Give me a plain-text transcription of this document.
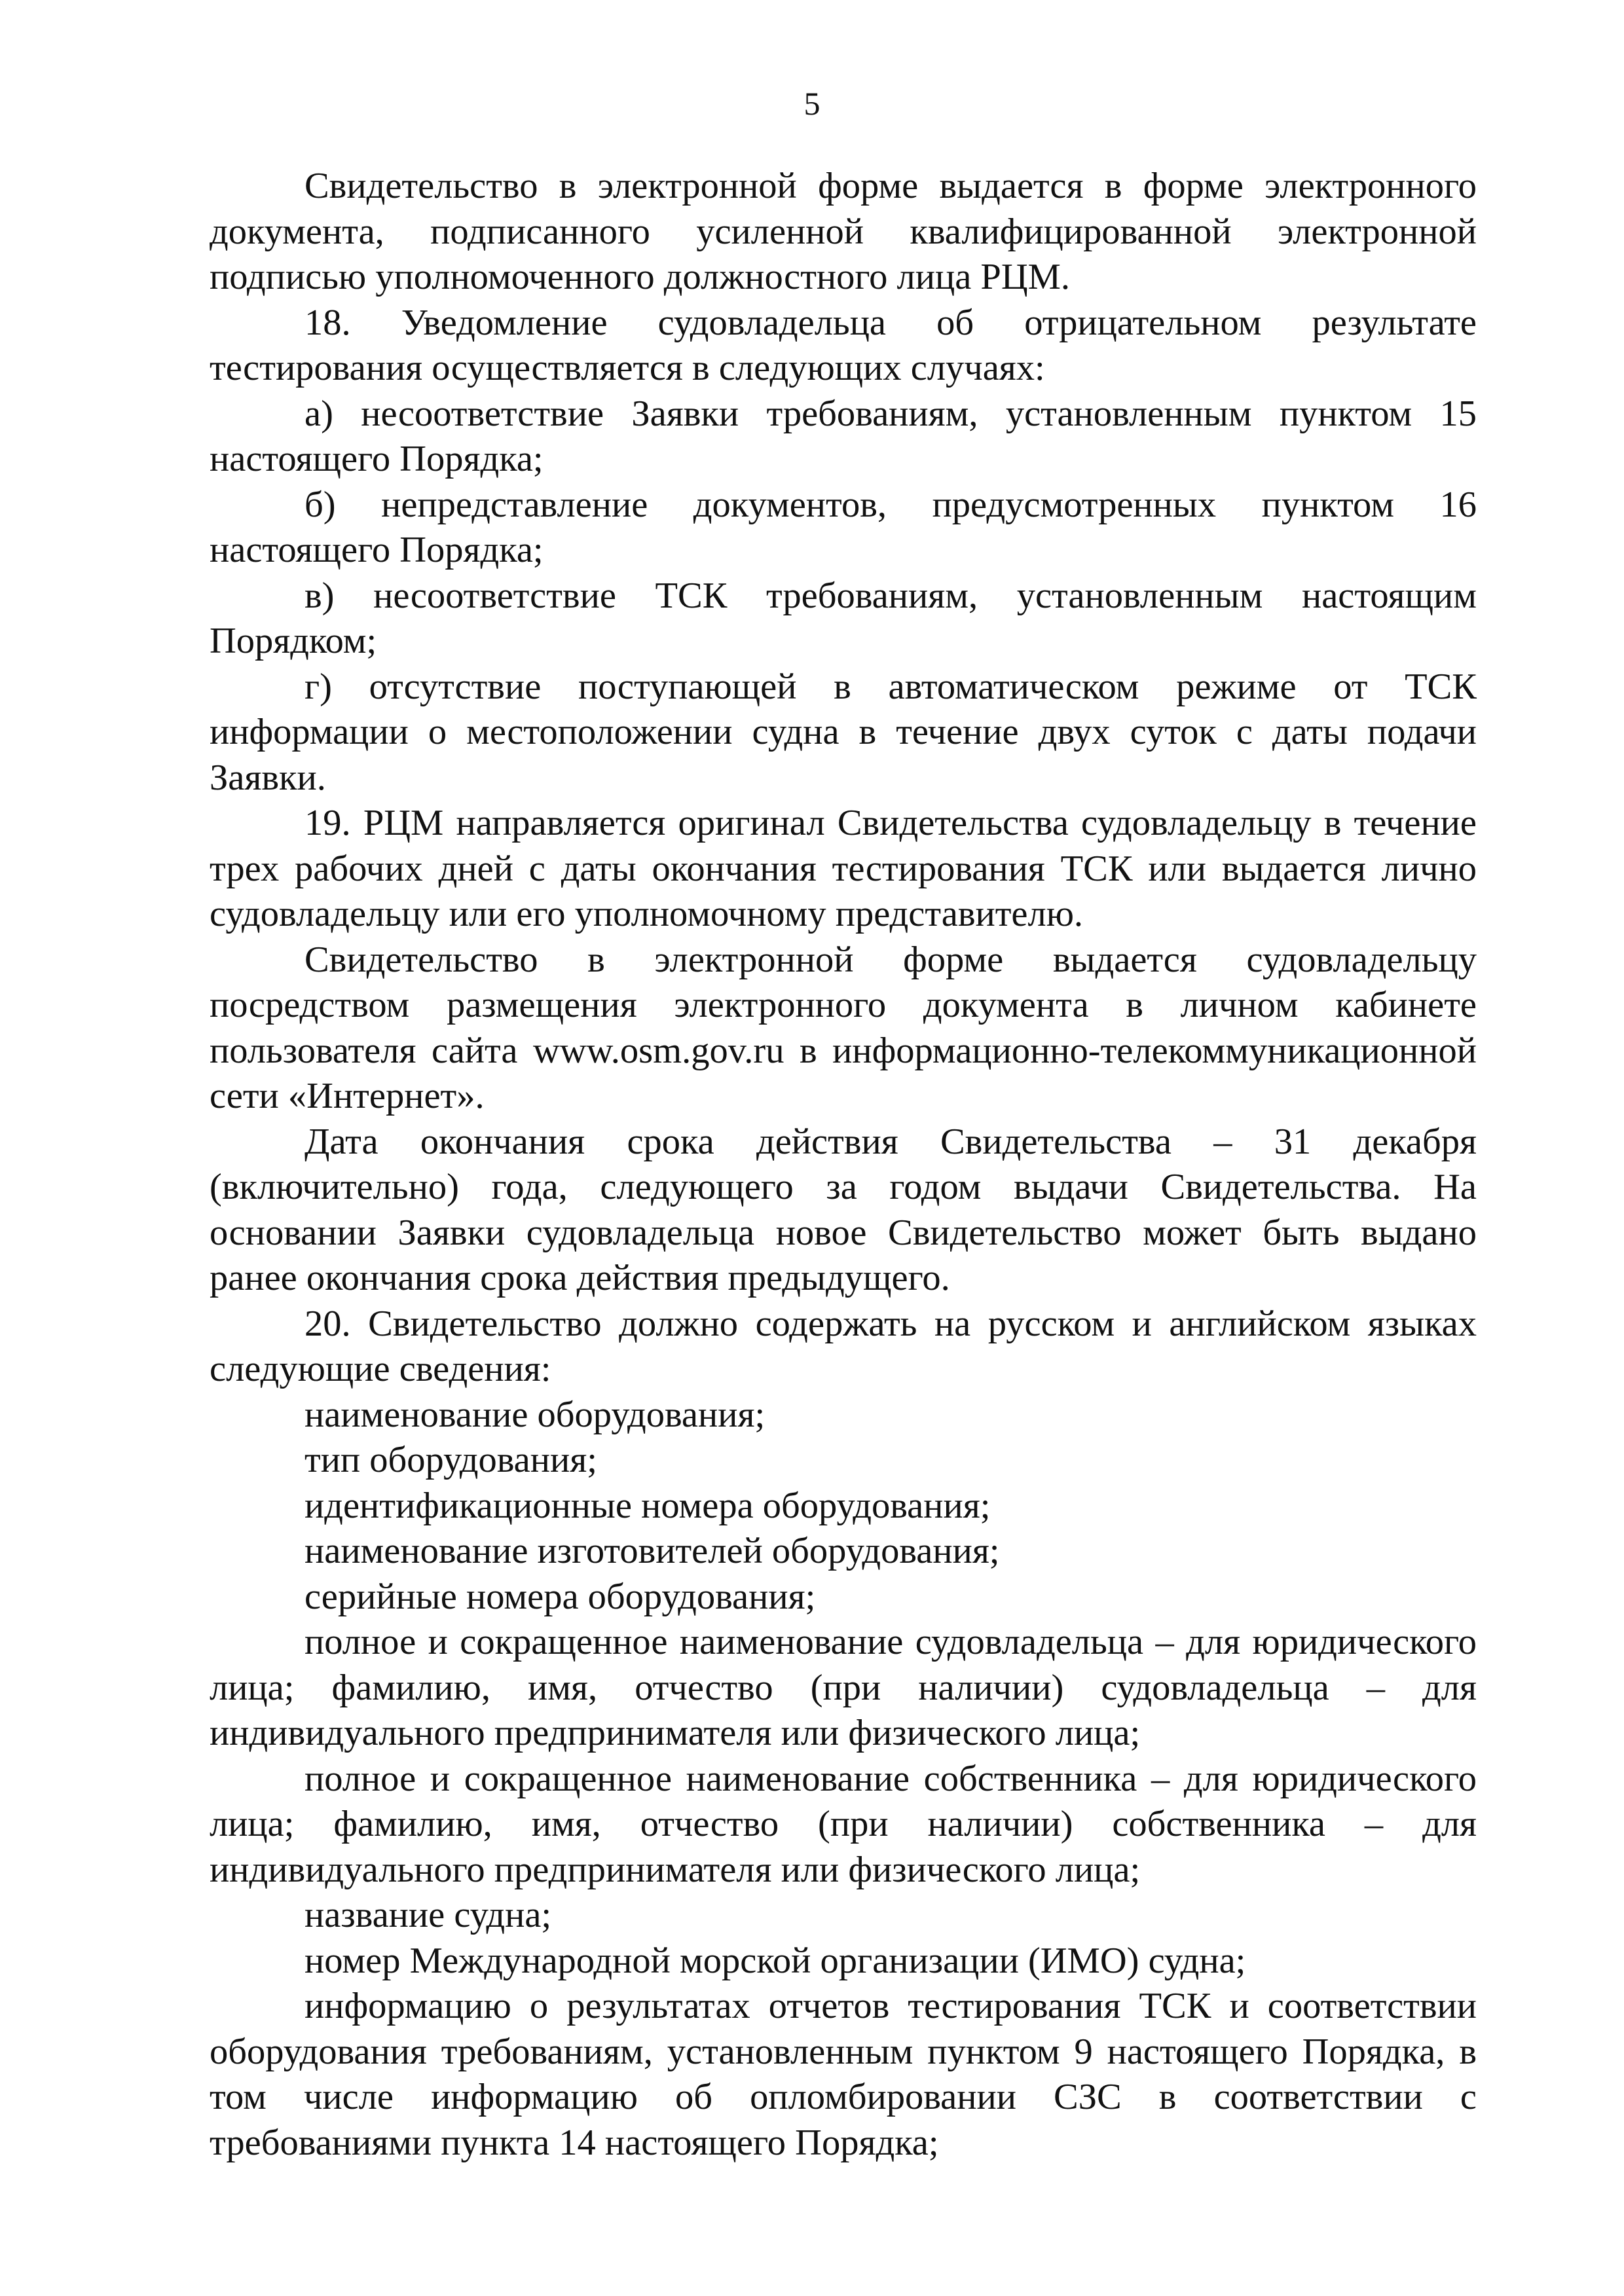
5

Свидетельство в электронной форме выдается в форме электронного документа, подписанного усиленной квалифицированной электронной подписью уполномоченного должностного лица РЦМ.

18. Уведомление судовладельца об отрицательном результате тестирования осуществляется в следующих случаях:

а) несоответствие Заявки требованиям, установленным пунктом 15 настоящего Порядка;

б) непредставление документов, предусмотренных пунктом 16 настоящего Порядка;

в) несоответствие ТСК требованиям, установленным настоящим Порядком;

г) отсутствие поступающей в автоматическом режиме от ТСК информации о местоположении судна в течение двух суток с даты подачи Заявки.

19. РЦМ направляется оригинал Свидетельства судовладельцу в течение трех рабочих дней с даты окончания тестирования ТСК или выдается лично судовладельцу или его уполномочному представителю.

Свидетельство в электронной форме выдается судовладельцу посредством размещения электронного документа в личном кабинете пользователя сайта www.osm.gov.ru в информационно-телекоммуникационной сети «Интернет».

Дата окончания срока действия Свидетельства – 31 декабря (включительно) года, следующего за годом выдачи Свидетельства. На основании Заявки судовладельца новое Свидетельство может быть выдано ранее окончания срока действия предыдущего.

20. Свидетельство должно содержать на русском и английском языках следующие сведения:

наименование оборудования;

тип оборудования;

идентификационные номера оборудования;

наименование изготовителей оборудования;

серийные номера оборудования;

полное и сокращенное наименование судовладельца – для юридического лица; фамилию, имя, отчество (при наличии) судовладельца – для индивидуального предпринимателя или физического лица;

полное и сокращенное наименование собственника – для юридического лица; фамилию, имя, отчество (при наличии) собственника – для индивидуального предпринимателя или физического лица;

название судна;

номер Международной морской организации (ИМО) судна;

информацию о результатах отчетов тестирования ТСК и соответствии оборудования требованиям, установленным пунктом 9 настоящего Порядка, в том числе информацию об опломбировании СЗС в соответствии с требованиями пункта 14 настоящего Порядка;
